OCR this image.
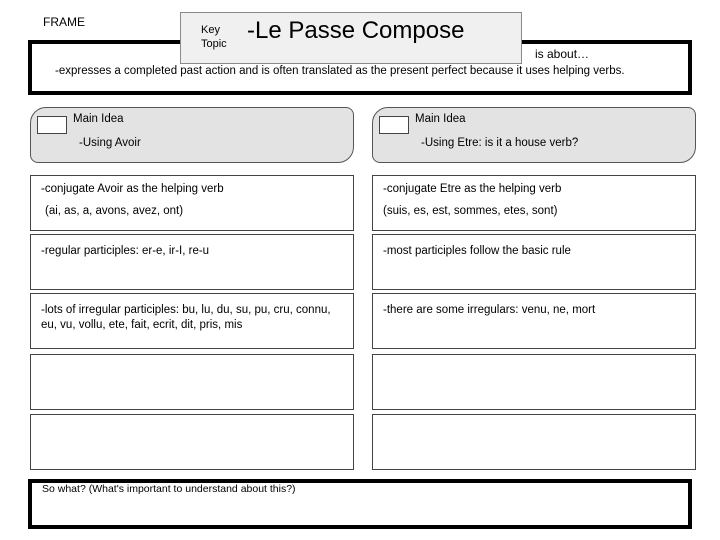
FRAME
is about…
-expresses a completed past action and is often translated as the present perfect because it uses helping verbs.
Key
Topic -Le Passe Compose
Main Idea
-Using Avoir
Main Idea
-Using Etre: is it a house verb?
-conjugate Avoir as the helping verb
(ai, as, a, avons, avez, ont)
-regular participles: er-e, ir-I, re-u
-lots of irregular participles: bu, lu, du, su, pu, cru, connu, eu, vu, vollu, ete, fait, ecrit, dit, pris, mis
-conjugate Etre as the helping verb
(suis, es, est, sommes, etes, sont)
-most participles follow the basic rule
-there are some irregulars: venu, ne, mort
So what? (What's important to understand about this?)
